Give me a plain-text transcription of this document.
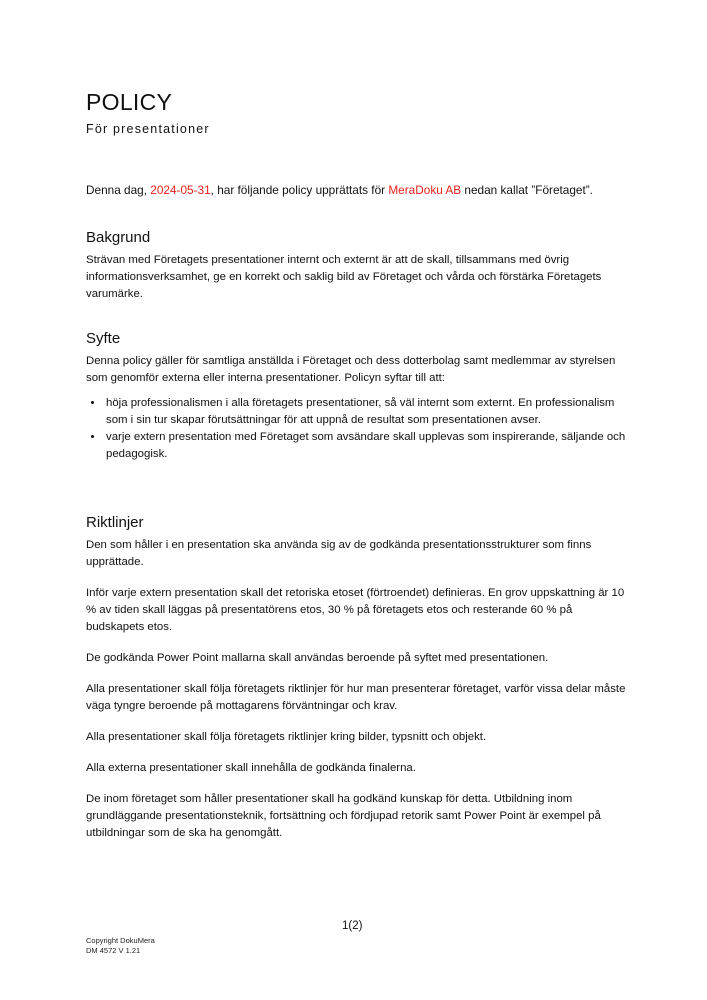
POLICY
För presentationer

Denna dag, 2024-05-31, har följande policy upprättats för MeraDoku AB nedan kallat ”Företaget”.

Bakgrund

Strävan med Företagets presentationer internt och externt är att de skall, tillsammans med övrig informationsverksamhet, ge en korrekt och saklig bild av Företaget och vårda och förstärka Företagets varumärke.

Syfte

Denna policy gäller för samtliga anställda i Företaget och dess dotterbolag samt medlemmar av styrelsen som genomför externa eller interna presentationer. Policyn syftar till att:

• höja professionalismen i alla företagets presentationer, så väl internt som externt. En professionalism som i sin tur skapar förutsättningar för att uppnå de resultat som presentationen avser.
• varje extern presentation med Företaget som avsändare skall upplevas som inspirerande, säljande och pedagogisk.
Riktlinjer

Den som håller i en presentation ska använda sig av de godkända presentationsstrukturer som finns upprättade.

Inför varje extern presentation skall det retoriska etoset (förtroendet) definieras. En grov uppskattning är 10 % av tiden skall läggas på presentatörens etos, 30 % på företagets etos och resterande 60 % på budskapets etos.

De godkända Power Point mallarna skall användas beroende på syftet med presentationen.

Alla presentationer skall följa företagets riktlinjer för hur man presenterar företaget, varför vissa delar måste väga tyngre beroende på mottagarens förväntningar och krav.

Alla presentationer skall följa företagets riktlinjer kring bilder, typsnitt och objekt.

Alla externa presentationer skall innehålla de godkända finalerna.

De inom företaget som håller presentationer skall ha godkänd kunskap för detta. Utbildning inom grundläggande presentationsteknik, fortsättning och fördjupad retorik samt Power Point är exempel på utbildningar som de ska ha genomgått.

1(2)
Copyright DokuMera
DM 4572 V 1.21
